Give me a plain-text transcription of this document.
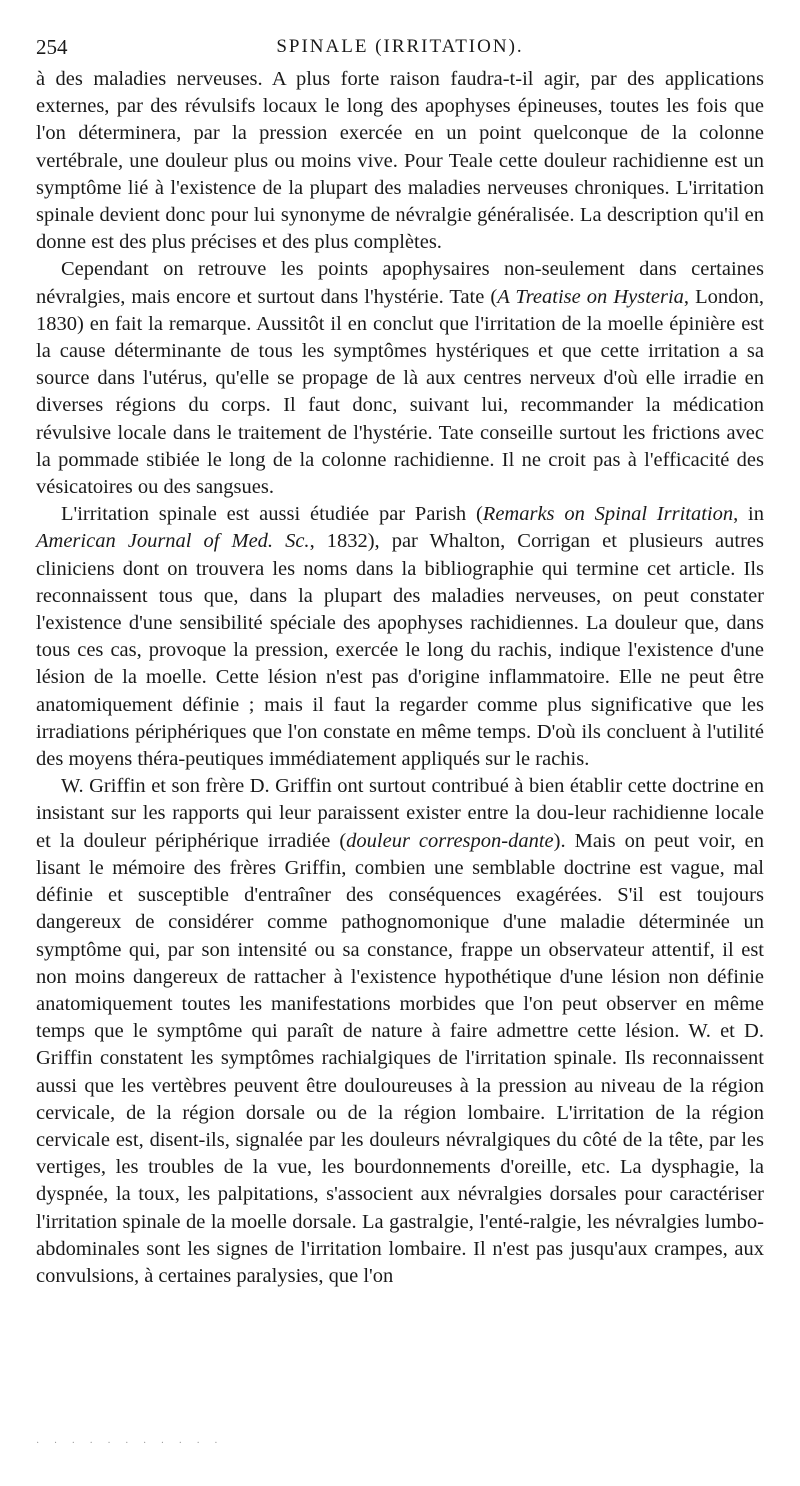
254	SPINALE (IRRITATION).

à des maladies nerveuses. A plus forte raison faudra-t-il agir, par des applications externes, par des révulsifs locaux le long des apophyses épineuses, toutes les fois que l'on déterminera, par la pression exercée en un point quelconque de la colonne vertébrale, une douleur plus ou moins vive. Pour Teale cette douleur rachidienne est un symptôme lié à l'existence de la plupart des maladies nerveuses chroniques. L'irritation spinale devient donc pour lui synonyme de névralgie généralisée. La description qu'il en donne est des plus précises et des plus complètes.

Cependant on retrouve les points apophysaires non-seulement dans certaines névralgies, mais encore et surtout dans l'hystérie. Tate (A Treatise on Hysteria, London, 1830) en fait la remarque. Aussitôt il en conclut que l'irritation de la moelle épinière est la cause déterminante de tous les symptômes hystériques et que cette irritation a sa source dans l'utérus, qu'elle se propage de là aux centres nerveux d'où elle irradie en diverses régions du corps. Il faut donc, suivant lui, recommander la médication révulsive locale dans le traitement de l'hystérie. Tate conseille surtout les frictions avec la pommade stibiée le long de la colonne rachidienne. Il ne croit pas à l'efficacité des vésicatoires ou des sangsues.

L'irritation spinale est aussi étudiée par Parish (Remarks on Spinal Irritation, in American Journal of Med. Sc., 1832), par Whalton, Corrigan et plusieurs autres cliniciens dont on trouvera les noms dans la bibliographie qui termine cet article. Ils reconnaissent tous que, dans la plupart des maladies nerveuses, on peut constater l'existence d'une sensibilité spéciale des apophyses rachidiennes. La douleur que, dans tous ces cas, provoque la pression, exercée le long du rachis, indique l'existence d'une lésion de la moelle. Cette lésion n'est pas d'origine inflammatoire. Elle ne peut être anatomiquement définie ; mais il faut la regarder comme plus significative que les irradiations périphériques que l'on constate en même temps. D'où ils concluent à l'utilité des moyens théra-peutiques immédiatement appliqués sur le rachis.

W. Griffin et son frère D. Griffin ont surtout contribué à bien établir cette doctrine en insistant sur les rapports qui leur paraissent exister entre la dou-leur rachidienne locale et la douleur périphérique irradiée (douleur correspon-dante). Mais on peut voir, en lisant le mémoire des frères Griffin, combien une semblable doctrine est vague, mal définie et susceptible d'entraîner des conséquences exagérées. S'il est toujours dangereux de considérer comme pathognomonique d'une maladie déterminée un symptôme qui, par son intensité ou sa constance, frappe un observateur attentif, il est non moins dangereux de rattacher à l'existence hypothétique d'une lésion non définie anatomiquement toutes les manifestations morbides que l'on peut observer en même temps que le symptôme qui paraît de nature à faire admettre cette lésion. W. et D. Griffin constatent les symptômes rachialgiques de l'irritation spinale. Ils reconnaissent aussi que les vertèbres peuvent être douloureuses à la pression au niveau de la région cervicale, de la région dorsale ou de la région lombaire. L'irritation de la région cervicale est, disent-ils, signalée par les douleurs névralgiques du côté de la tête, par les vertiges, les troubles de la vue, les bourdonnements d'oreille, etc. La dysphagie, la dyspnée, la toux, les palpitations, s'associent aux névralgies dorsales pour caractériser l'irritation spinale de la moelle dorsale. La gastralgie, l'enté-ralgie, les névralgies lumbo-abdominales sont les signes de l'irritation lombaire. Il n'est pas jusqu'aux crampes, aux convulsions, à certaines paralysies, que l'on

· · · · · · · · · · ·
